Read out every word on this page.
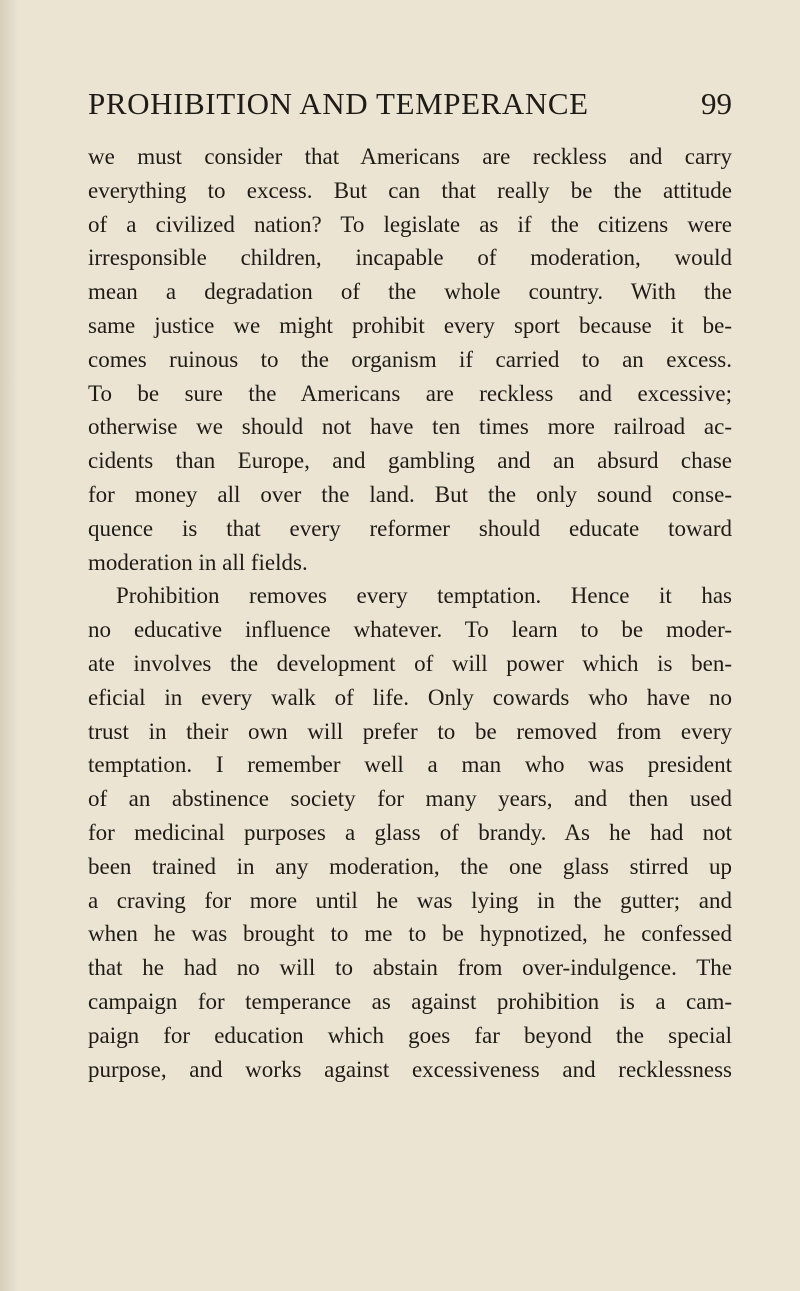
PROHIBITION AND TEMPERANCE	99
we must consider that Americans are reckless and carry
everything to excess. But can that really be the attitude
of a civilized nation? To legislate as if the citizens were
irresponsible children, incapable of moderation, would
mean a degradation of the whole country. With the
same justice we might prohibit every sport because it be-
comes ruinous to the organism if carried to an excess.
To be sure the Americans are reckless and excessive;
otherwise we should not have ten times more railroad ac-
cidents than Europe, and gambling and an absurd chase
for money all over the land. But the only sound conse-
quence is that every reformer should educate toward
moderation in all fields.
Prohibition removes every temptation. Hence it has
no educative influence whatever. To learn to be moder-
ate involves the development of will power which is ben-
eficial in every walk of life. Only cowards who have no
trust in their own will prefer to be removed from every
temptation. I remember well a man who was president
of an abstinence society for many years, and then used
for medicinal purposes a glass of brandy. As he had not
been trained in any moderation, the one glass stirred up
a craving for more until he was lying in the gutter; and
when he was brought to me to be hypnotized, he confessed
that he had no will to abstain from over-indulgence. The
campaign for temperance as against prohibition is a cam-
paign for education which goes far beyond the special
purpose, and works against excessiveness and recklessness
